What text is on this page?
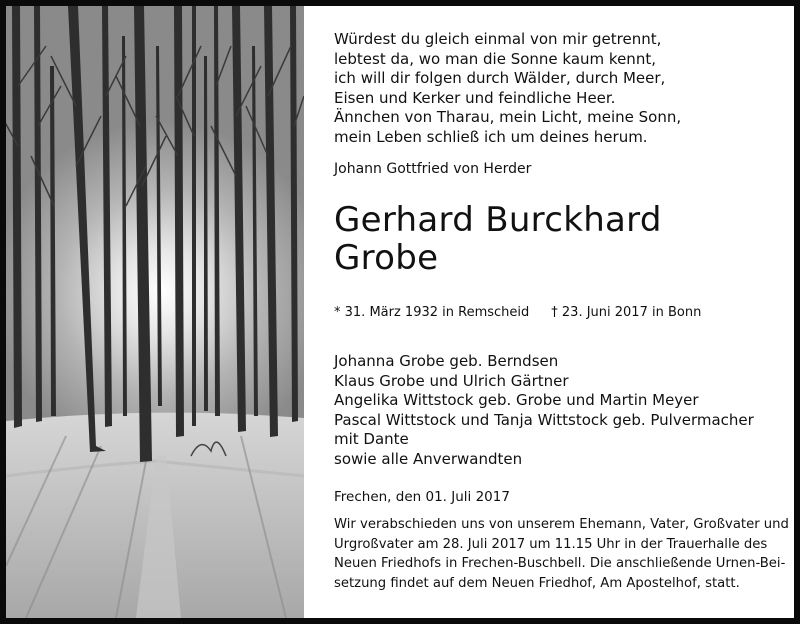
Würdest du gleich einmal von mir getrennt,
lebtest da, wo man die Sonne kaum kennt,
ich will dir folgen durch Wälder, durch Meer,
Eisen und Kerker und feindliche Heer.
Ännchen von Tharau, mein Licht, meine Sonn,
mein Leben schließ ich um deines herum.
Johann Gottfried von Herder
Gerhard Burckhard
Grobe
* 31. März 1932 in Remscheid † 23. Juni 2017 in Bonn
Johanna Grobe geb. Berndsen
Klaus Grobe und Ulrich Gärtner
Angelika Wittstock geb. Grobe und Martin Meyer
Pascal Wittstock und Tanja Wittstock geb. Pulvermacher
mit Dante
sowie alle Anverwandten
Frechen, den 01. Juli 2017
Wir verabschieden uns von unserem Ehemann, Vater, Großvater und
Urgroßvater am 28. Juli 2017 um 11.15 Uhr in der Trauerhalle des
Neuen Friedhofs in Frechen-Buschbell. Die anschließende Urnen-Bei-
setzung findet auf dem Neuen Friedhof, Am Apostelhof, statt.
